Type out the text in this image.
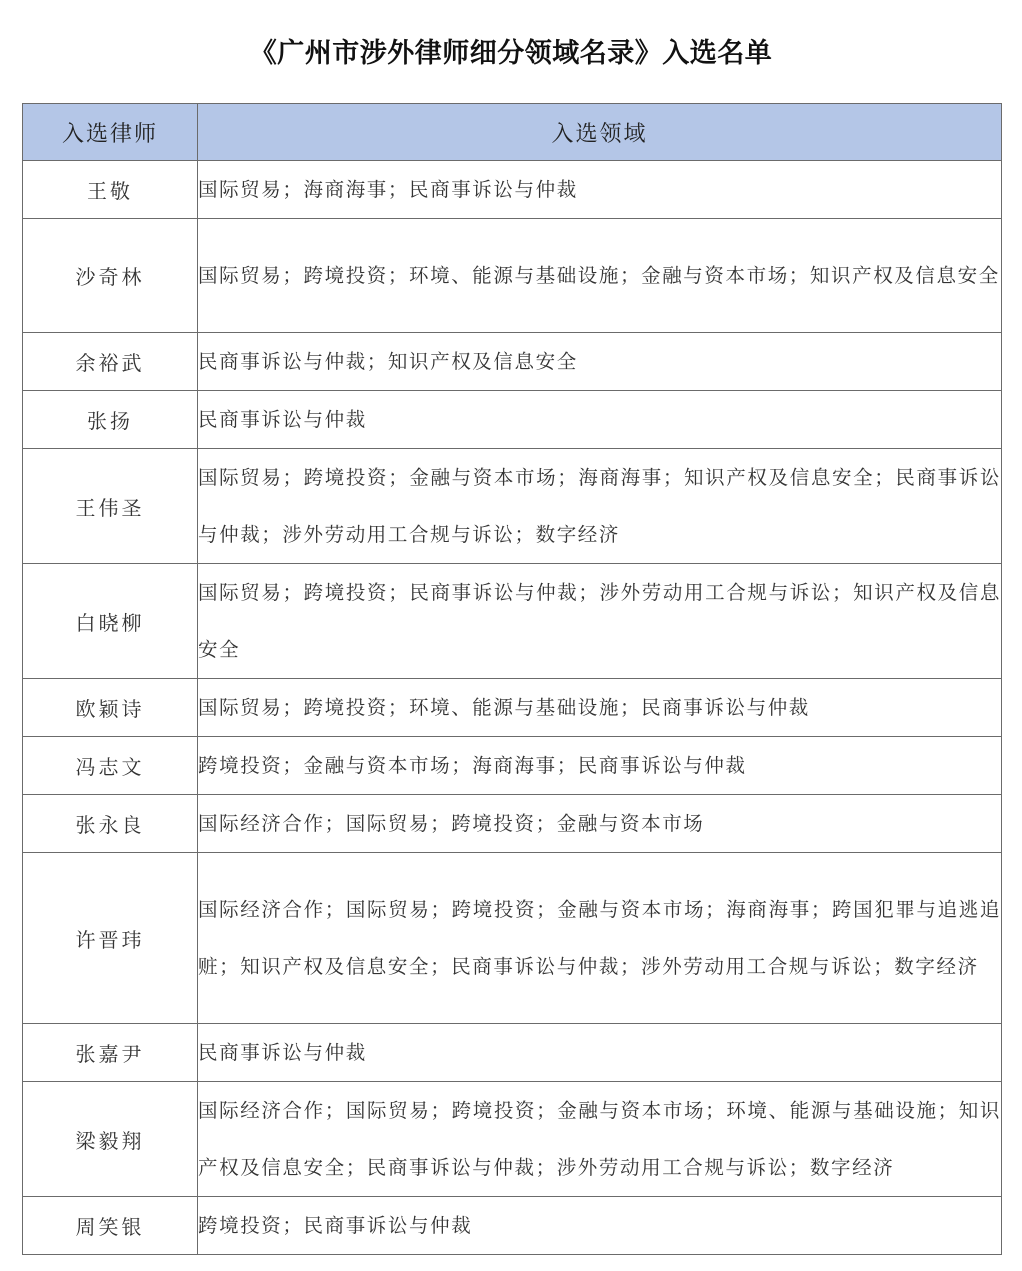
《广州市涉外律师细分领域名录》入选名单
入选律师	入选领域
王敬	国际贸易；海商海事；民商事诉讼与仲裁
沙奇林	国际贸易；跨境投资；环境、能源与基础设施；金融与资本市场；知识产权及信息安全
余裕武	民商事诉讼与仲裁；知识产权及信息安全
张扬	民商事诉讼与仲裁
王伟圣	国际贸易；跨境投资；金融与资本市场；海商海事；知识产权及信息安全；民商事诉讼与仲裁；涉外劳动用工合规与诉讼；数字经济
白晓柳	国际贸易；跨境投资；民商事诉讼与仲裁；涉外劳动用工合规与诉讼；知识产权及信息安全
欧颖诗	国际贸易；跨境投资；环境、能源与基础设施；民商事诉讼与仲裁
冯志文	跨境投资；金融与资本市场；海商海事；民商事诉讼与仲裁
张永良	国际经济合作；国际贸易；跨境投资；金融与资本市场
许晋玮	国际经济合作；国际贸易；跨境投资；金融与资本市场；海商海事；跨国犯罪与追逃追赃；知识产权及信息安全；民商事诉讼与仲裁；涉外劳动用工合规与诉讼；数字经济
张嘉尹	民商事诉讼与仲裁
梁毅翔	国际经济合作；国际贸易；跨境投资；金融与资本市场；环境、能源与基础设施；知识产权及信息安全；民商事诉讼与仲裁；涉外劳动用工合规与诉讼；数字经济
周笑银	跨境投资；民商事诉讼与仲裁
